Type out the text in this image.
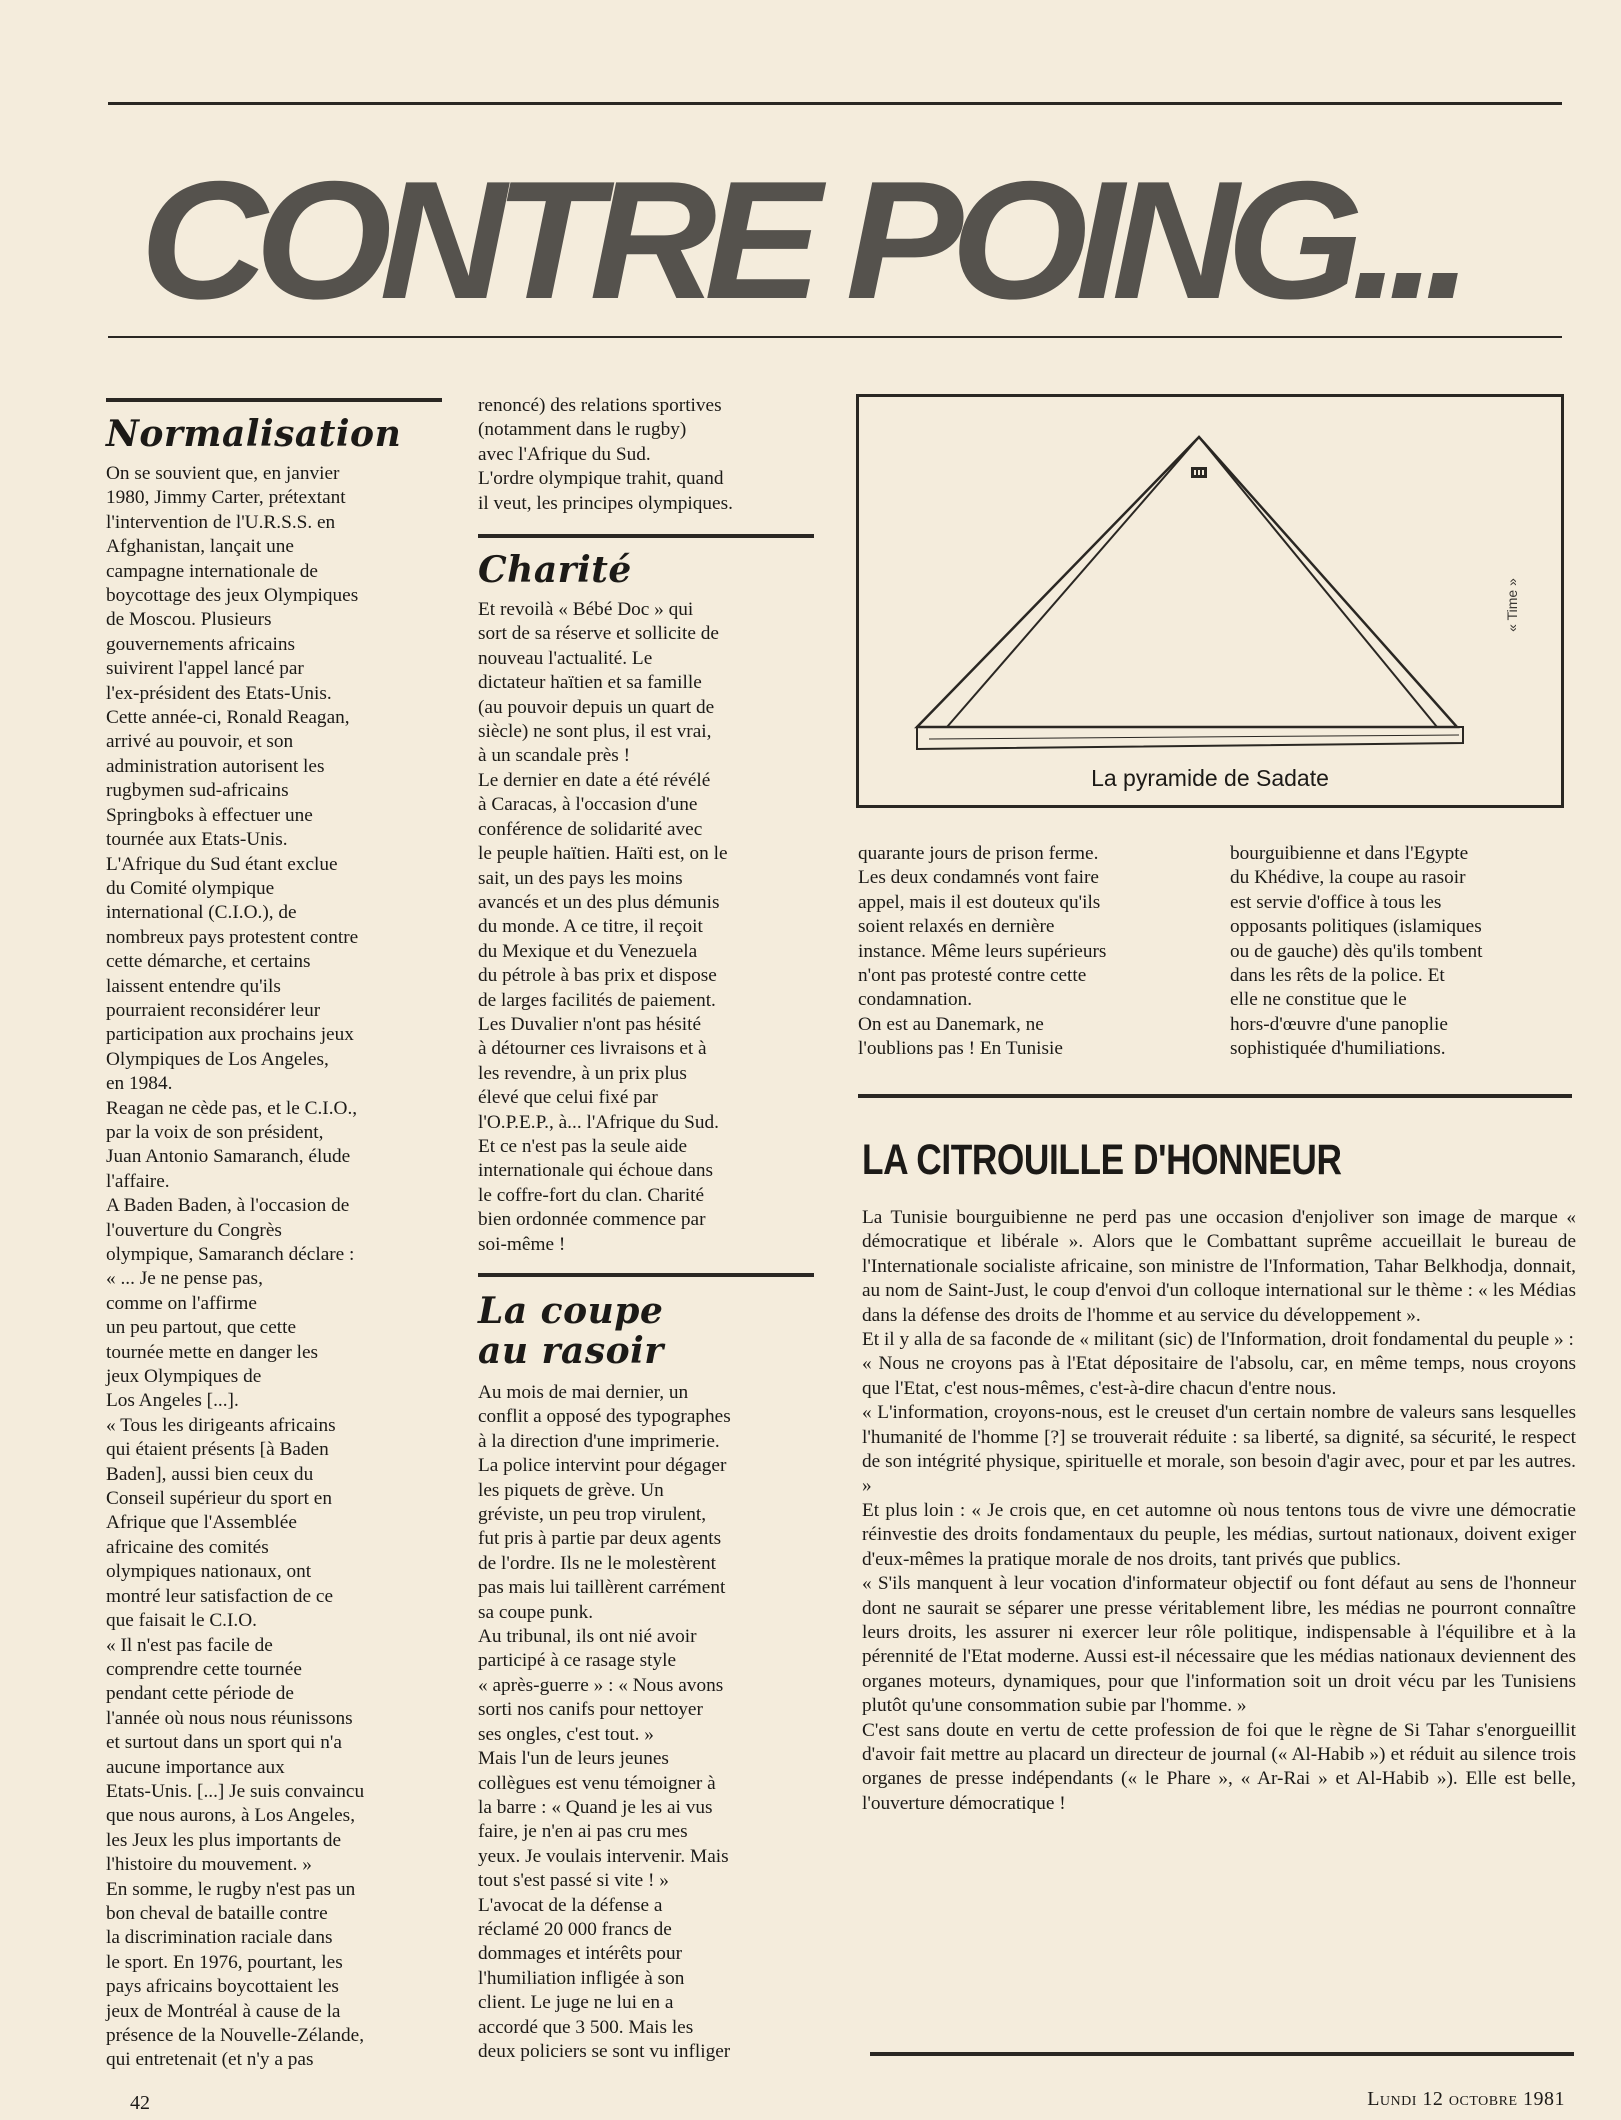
CONTRE POING...
Normalisation

On se souvient que, en janvier

1980, Jimmy Carter, prétextant

l'intervention de l'U.R.S.S. en

Afghanistan, lançait une

campagne internationale de

boycottage des jeux Olympiques

de Moscou. Plusieurs

gouvernements africains

suivirent l'appel lancé par

l'ex-président des Etats-Unis.

Cette année-ci, Ronald Reagan,

arrivé au pouvoir, et son

administration autorisent les

rugbymen sud-africains

Springboks à effectuer une

tournée aux Etats-Unis.

L'Afrique du Sud étant exclue

du Comité olympique

international (C.I.O.), de

nombreux pays protestent contre

cette démarche, et certains

laissent entendre qu'ils

pourraient reconsidérer leur

participation aux prochains jeux

Olympiques de Los Angeles,

en 1984.

Reagan ne cède pas, et le C.I.O.,

par la voix de son président,

Juan Antonio Samaranch, élude

l'affaire.

A Baden Baden, à l'occasion de

l'ouverture du Congrès

olympique, Samaranch déclare :

« ... Je ne pense pas,

comme on l'affirme

un peu partout, que cette

tournée mette en danger les

jeux Olympiques de

Los Angeles [...].

« Tous les dirigeants africains

qui étaient présents [à Baden

Baden], aussi bien ceux du

Conseil supérieur du sport en

Afrique que l'Assemblée

africaine des comités

olympiques nationaux, ont

montré leur satisfaction de ce

que faisait le C.I.O.

« Il n'est pas facile de

comprendre cette tournée

pendant cette période de

l'année où nous nous réunissons

et surtout dans un sport qui n'a

aucune importance aux

Etats-Unis. [...] Je suis convaincu

que nous aurons, à Los Angeles,

les Jeux les plus importants de

l'histoire du mouvement. »

En somme, le rugby n'est pas un

bon cheval de bataille contre

la discrimination raciale dans

le sport. En 1976, pourtant, les

pays africains boycottaient les

jeux de Montréal à cause de la

présence de la Nouvelle-Zélande,

qui entretenait (et n'y a pas

renoncé) des relations sportives

(notamment dans le rugby)

avec l'Afrique du Sud.

L'ordre olympique trahit, quand

il veut, les principes olympiques.

Charité

Et revoilà « Bébé Doc » qui

sort de sa réserve et sollicite de

nouveau l'actualité. Le

dictateur haïtien et sa famille

(au pouvoir depuis un quart de

siècle) ne sont plus, il est vrai,

à un scandale près !

Le dernier en date a été révélé

à Caracas, à l'occasion d'une

conférence de solidarité avec

le peuple haïtien. Haïti est, on le

sait, un des pays les moins

avancés et un des plus démunis

du monde. A ce titre, il reçoit

du Mexique et du Venezuela

du pétrole à bas prix et dispose

de larges facilités de paiement.

Les Duvalier n'ont pas hésité

à détourner ces livraisons et à

les revendre, à un prix plus

élevé que celui fixé par

l'O.P.E.P., à... l'Afrique du Sud.

Et ce n'est pas la seule aide

internationale qui échoue dans

le coffre-fort du clan. Charité

bien ordonnée commence par

soi-même !

La coupe
au rasoir

Au mois de mai dernier, un

conflit a opposé des typographes

à la direction d'une imprimerie.

La police intervint pour dégager

les piquets de grève. Un

gréviste, un peu trop virulent,

fut pris à partie par deux agents

de l'ordre. Ils ne le molestèrent

pas mais lui taillèrent carrément

sa coupe punk.

Au tribunal, ils ont nié avoir

participé à ce rasage style

« après-guerre » : « Nous avons

sorti nos canifs pour nettoyer

ses ongles, c'est tout. »

Mais l'un de leurs jeunes

collègues est venu témoigner à

la barre : « Quand je les ai vus

faire, je n'en ai pas cru mes

yeux. Je voulais intervenir. Mais

tout s'est passé si vite ! »

L'avocat de la défense a

réclamé 20 000 francs de

dommages et intérêts pour

l'humiliation infligée à son

client. Le juge ne lui en a

accordé que 3 500. Mais les

deux policiers se sont vu infliger

La pyramide de Sadate
« Time »

quarante jours de prison ferme.

Les deux condamnés vont faire

appel, mais il est douteux qu'ils

soient relaxés en dernière

instance. Même leurs supérieurs

n'ont pas protesté contre cette

condamnation.

On est au Danemark, ne

l'oublions pas ! En Tunisie

bourguibienne et dans l'Egypte

du Khédive, la coupe au rasoir

est servie d'office à tous les

opposants politiques (islamiques

ou de gauche) dès qu'ils tombent

dans les rêts de la police. Et

elle ne constitue que le

hors-d'œuvre d'une panoplie

sophistiquée d'humiliations.

LA CITROUILLE D'HONNEUR

La Tunisie bourguibienne ne perd pas une occasion d'enjoliver son image de marque « démocratique et libérale ». Alors que le Combattant suprême accueillait le bureau de l'Internationale socialiste africaine, son ministre de l'Information, Tahar Belkhodja, donnait, au nom de Saint-Just, le coup d'envoi d'un colloque international sur le thème : « les Médias dans la défense des droits de l'homme et au service du développement ».

Et il y alla de sa faconde de « militant (sic) de l'Information, droit fondamental du peuple » :

« Nous ne croyons pas à l'Etat dépositaire de l'absolu, car, en même temps, nous croyons que l'Etat, c'est nous-mêmes, c'est-à-dire chacun d'entre nous.

« L'information, croyons-nous, est le creuset d'un certain nombre de valeurs sans lesquelles l'humanité de l'homme [?] se trouverait réduite : sa liberté, sa dignité, sa sécurité, le respect de son intégrité physique, spirituelle et morale, son besoin d'agir avec, pour et par les autres. »

Et plus loin : « Je crois que, en cet automne où nous tentons tous de vivre une démocratie réinvestie des droits fondamentaux du peuple, les médias, surtout nationaux, doivent exiger d'eux-mêmes la pratique morale de nos droits, tant privés que publics.

« S'ils manquent à leur vocation d'informateur objectif ou font défaut au sens de l'honneur dont ne saurait se séparer une presse véritablement libre, les médias ne pourront connaître leurs droits, les assurer ni exercer leur rôle politique, indispensable à l'équilibre et à la pérennité de l'Etat moderne. Aussi est-il nécessaire que les médias nationaux deviennent des organes moteurs, dynamiques, pour que l'information soit un droit vécu par les Tunisiens plutôt qu'une consommation subie par l'homme. »

C'est sans doute en vertu de cette profession de foi que le règne de Si Tahar s'enorgueillit d'avoir fait mettre au placard un directeur de journal (« Al-Habib ») et réduit au silence trois organes de presse indépendants (« le Phare », « Ar-Rai » et Al-Habib »). Elle est belle, l'ouverture démocratique !

42	Lundi 12 octobre 1981
